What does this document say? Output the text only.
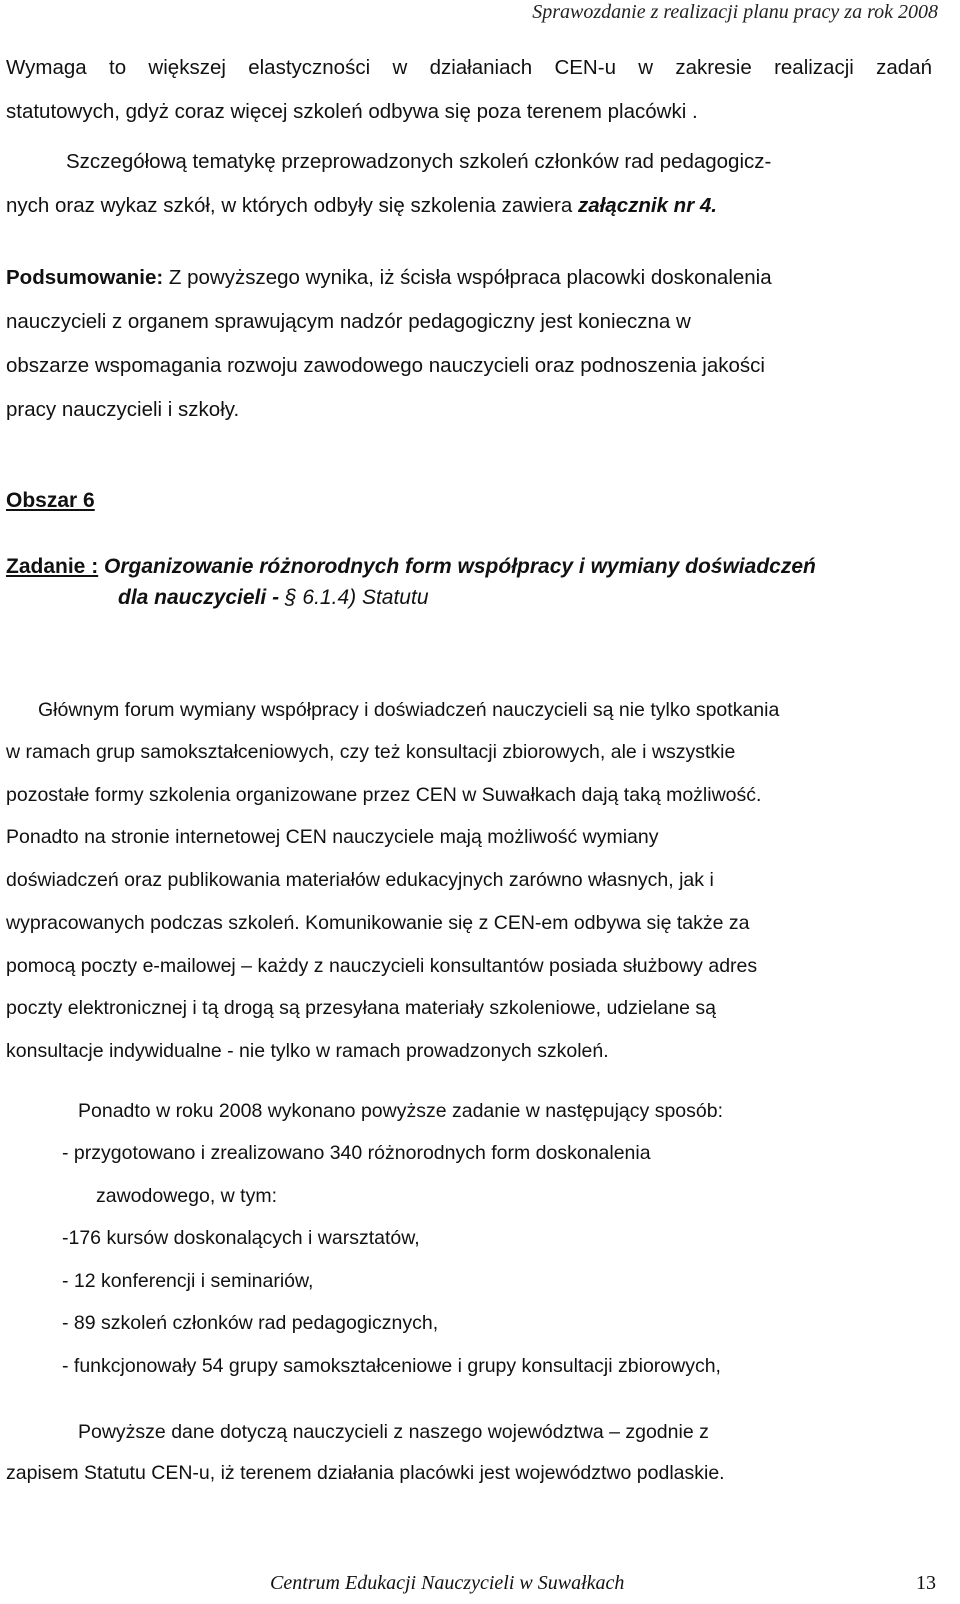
Sprawozdanie z realizacji planu pracy za rok 2008
Wymaga to większej elastyczności w działaniach CEN-u w zakresie realizacji zadań
statutowych, gdyż coraz więcej szkoleń odbywa się poza terenem placówki .
Szczegółową tematykę przeprowadzonych szkoleń członków rad pedagogicz-
nych oraz wykaz szkół, w których odbyły się szkolenia zawiera załącznik nr 4.
Podsumowanie: Z powyższego wynika, iż ścisła współpraca placowki doskonalenia
nauczycieli z organem sprawującym nadzór pedagogiczny jest konieczna w
obszarze wspomagania rozwoju zawodowego nauczycieli oraz podnoszenia jakości
pracy nauczycieli i szkoły.
Obszar 6
Zadanie : Organizowanie różnorodnych form współpracy i wymiany doświadczeń
dla nauczycieli - § 6.1.4) Statutu
Głównym forum wymiany współpracy i doświadczeń nauczycieli są nie tylko spotkania
w ramach grup samokształceniowych, czy też konsultacji zbiorowych, ale i wszystkie
pozostałe formy szkolenia organizowane przez CEN w Suwałkach dają taką możliwość.
Ponadto na stronie internetowej CEN nauczyciele mają możliwość wymiany
doświadczeń oraz publikowania materiałów edukacyjnych zarówno własnych, jak i
wypracowanych podczas szkoleń. Komunikowanie się z CEN-em odbywa się także za
pomocą poczty e-mailowej – każdy z nauczycieli konsultantów posiada służbowy adres
poczty elektronicznej i tą drogą są przesyłana materiały szkoleniowe, udzielane są
konsultacje indywidualne - nie tylko w ramach prowadzonych szkoleń.
Ponadto w roku 2008 wykonano powyższe zadanie w następujący sposób:
- przygotowano i zrealizowano 340 różnorodnych form doskonalenia
zawodowego, w tym:
-176 kursów doskonalących i warsztatów,
- 12 konferencji i seminariów,
- 89 szkoleń członków rad pedagogicznych,
- funkcjonowały 54 grupy samokształceniowe i grupy konsultacji zbiorowych,
Powyższe dane dotyczą nauczycieli z naszego województwa – zgodnie z
zapisem Statutu CEN-u, iż terenem działania placówki jest województwo podlaskie.
Centrum Edukacji Nauczycieli w Suwałkach	13
